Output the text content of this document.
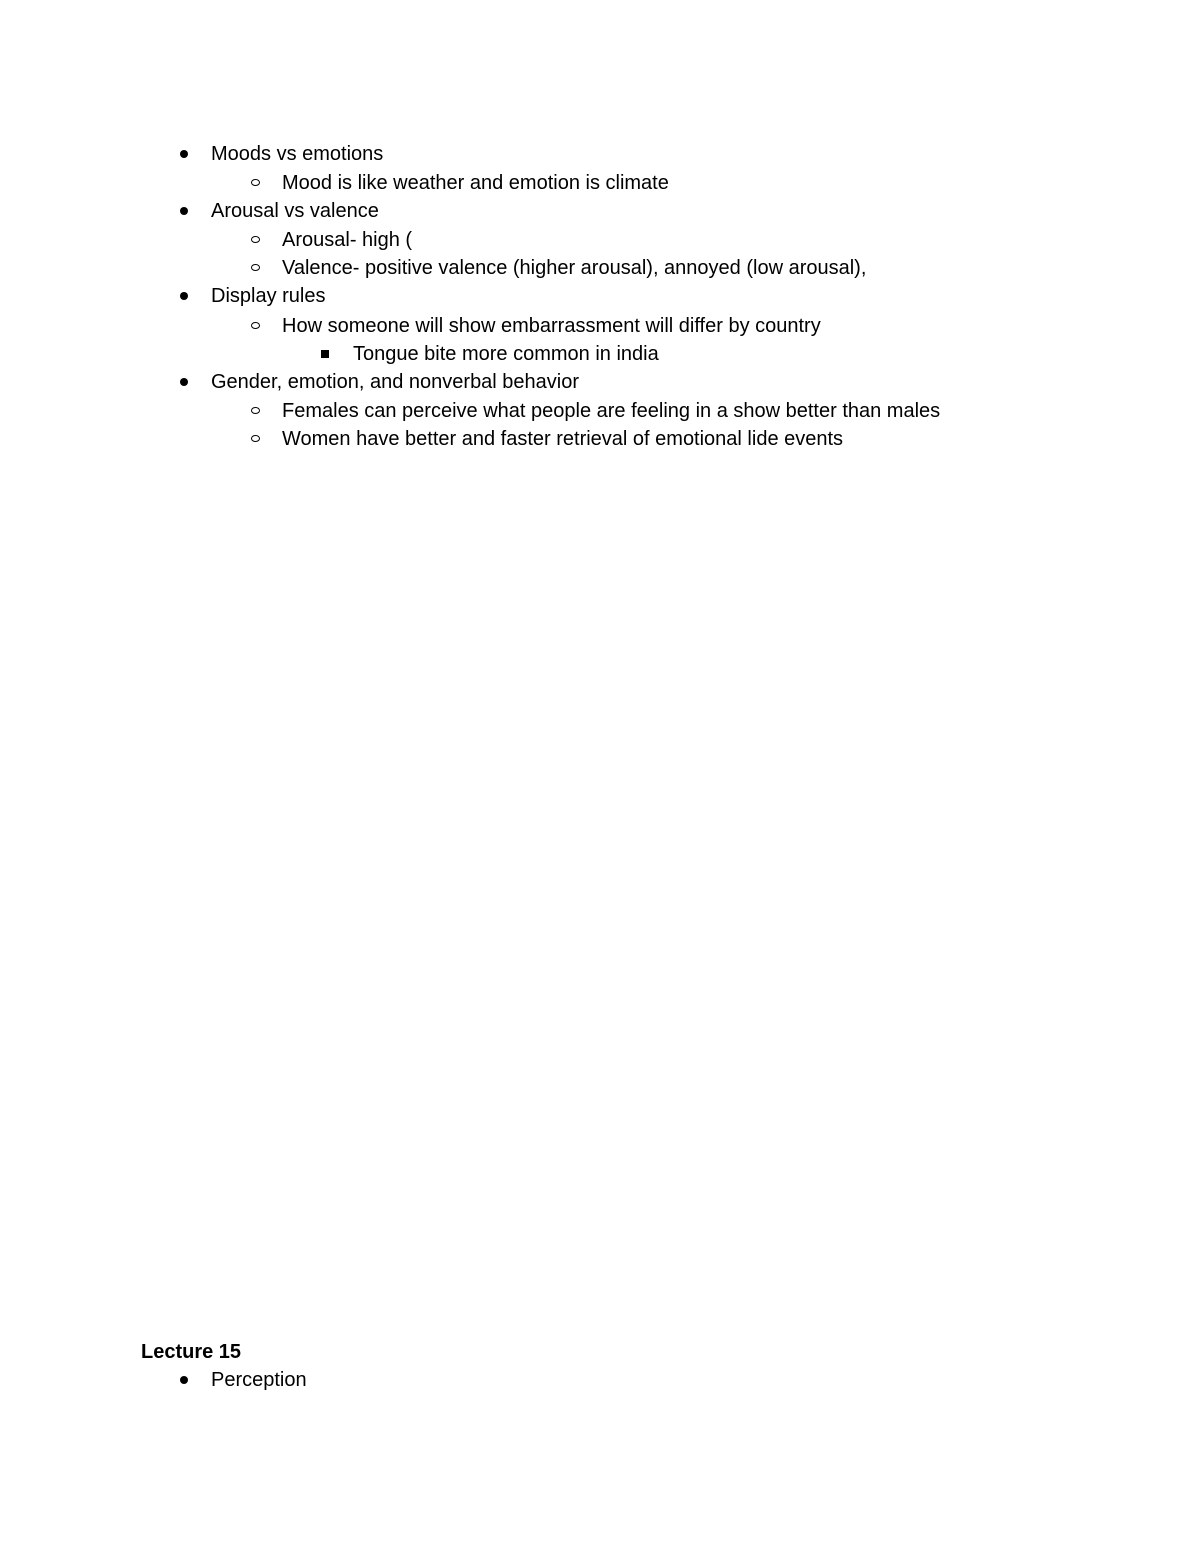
Moods vs emotions
Mood is like weather and emotion is climate
Arousal vs valence
Arousal- high (
Valence- positive valence (higher arousal), annoyed (low arousal),
Display rules
How someone will show embarrassment will differ by country
Tongue bite more common in india
Gender, emotion, and nonverbal behavior
Females can perceive what people are feeling in a show better than males
Women have better and faster retrieval of emotional lide events
Lecture 15
Perception
